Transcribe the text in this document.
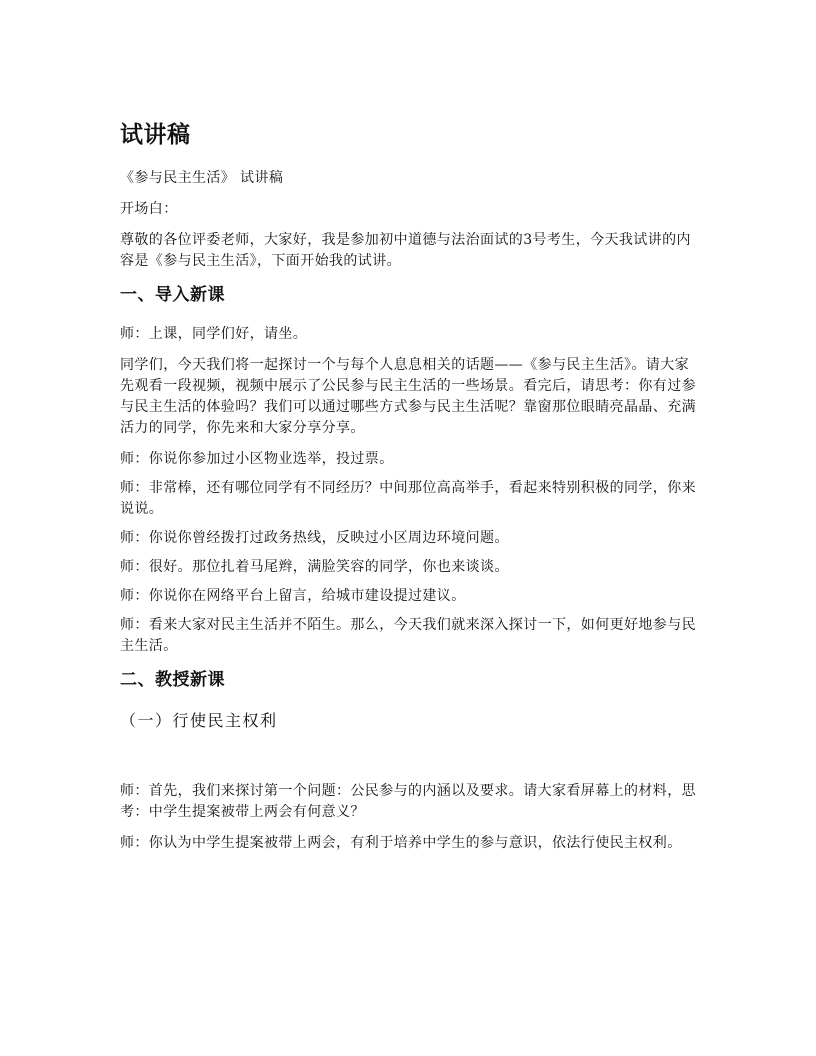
试讲稿

《参与民主生活》 试讲稿

开场白：

尊敬的各位评委老师，大家好，我是参加初中道德与法治面试的3号考生，今天我试讲的内容是《参与民主生活》，下面开始我的试讲。

一、导入新课

师：上课，同学们好，请坐。

同学们，今天我们将一起探讨一个与每个人息息相关的话题——《参与民主生活》。请大家先观看一段视频，视频中展示了公民参与民主生活的一些场景。看完后，请思考：你有过参与民主生活的体验吗？我们可以通过哪些方式参与民主生活呢？靠窗那位眼睛亮晶晶、充满活力的同学，你先来和大家分享分享。

师：你说你参加过小区物业选举，投过票。

师：非常棒，还有哪位同学有不同经历？中间那位高高举手，看起来特别积极的同学，你来说说。

师：你说你曾经拨打过政务热线，反映过小区周边环境问题。

师：很好。那位扎着马尾辫，满脸笑容的同学，你也来谈谈。

师：你说你在网络平台上留言，给城市建设提过建议。

师：看来大家对民主生活并不陌生。那么，今天我们就来深入探讨一下，如何更好地参与民主生活。

二、教授新课
（一）行使民主权利

师：首先，我们来探讨第一个问题：公民参与的内涵以及要求。请大家看屏幕上的材料，思考：中学生提案被带上两会有何意义？

师：你认为中学生提案被带上两会，有利于培养中学生的参与意识，依法行使民主权利。
